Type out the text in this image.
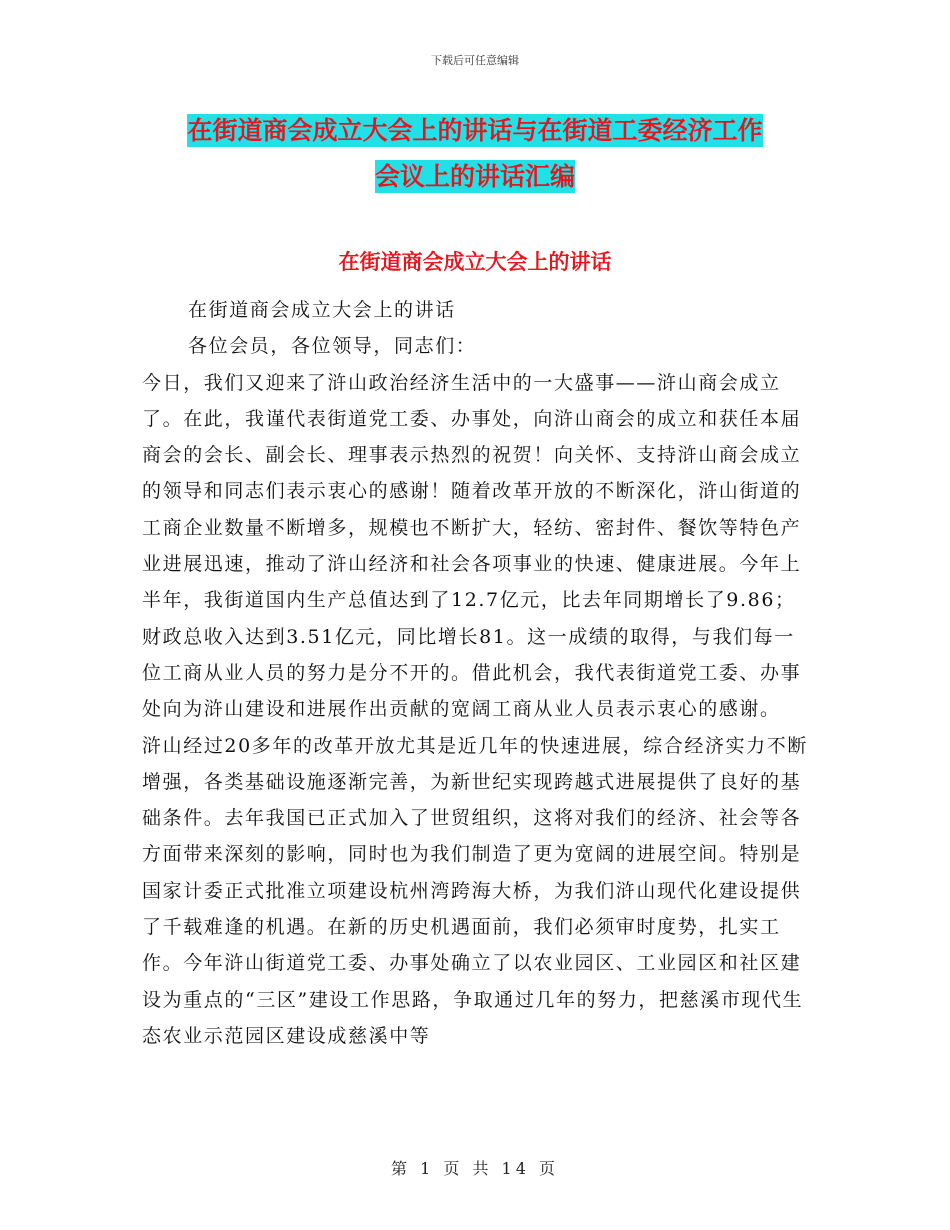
下载后可任意编辑
在街道商会成立大会上的讲话与在街道工委经济工作
会议上的讲话汇编
在街道商会成立大会上的讲话

在街道商会成立大会上的讲话

各位会员，各位领导，同志们：

今日，我们又迎来了浒山政治经济生活中的一大盛事——浒山商会成立了。在此，我谨代表街道党工委、办事处，向浒山商会的成立和获任本届商会的会长、副会长、理事表示热烈的祝贺！向关怀、支持浒山商会成立的领导和同志们表示衷心的感谢！随着改革开放的不断深化，浒山街道的工商企业数量不断增多，规模也不断扩大，轻纺、密封件、餐饮等特色产业进展迅速，推动了浒山经济和社会各项事业的快速、健康进展。今年上半年，我街道国内生产总值达到了12.7亿元，比去年同期增长了9.86；财政总收入达到3.51亿元，同比增长81。这一成绩的取得，与我们每一位工商从业人员的努力是分不开的。借此机会，我代表街道党工委、办事处向为浒山建设和进展作出贡献的宽阔工商从业人员表示衷心的感谢。

浒山经过20多年的改革开放尤其是近几年的快速进展，综合经济实力不断增强，各类基础设施逐渐完善，为新世纪实现跨越式进展提供了良好的基础条件。去年我国已正式加入了世贸组织，这将对我们的经济、社会等各方面带来深刻的影响，同时也为我们制造了更为宽阔的进展空间。特别是国家计委正式批准立项建设杭州湾跨海大桥，为我们浒山现代化建设提供了千载难逢的机遇。在新的历史机遇面前，我们必须审时度势，扎实工作。今年浒山街道党工委、办事处确立了以农业园区、工业园区和社区建设为重点的“三区”建设工作思路，争取通过几年的努力，把慈溪市现代生态农业示范园区建设成慈溪中等

第 1 页 共 14 页
